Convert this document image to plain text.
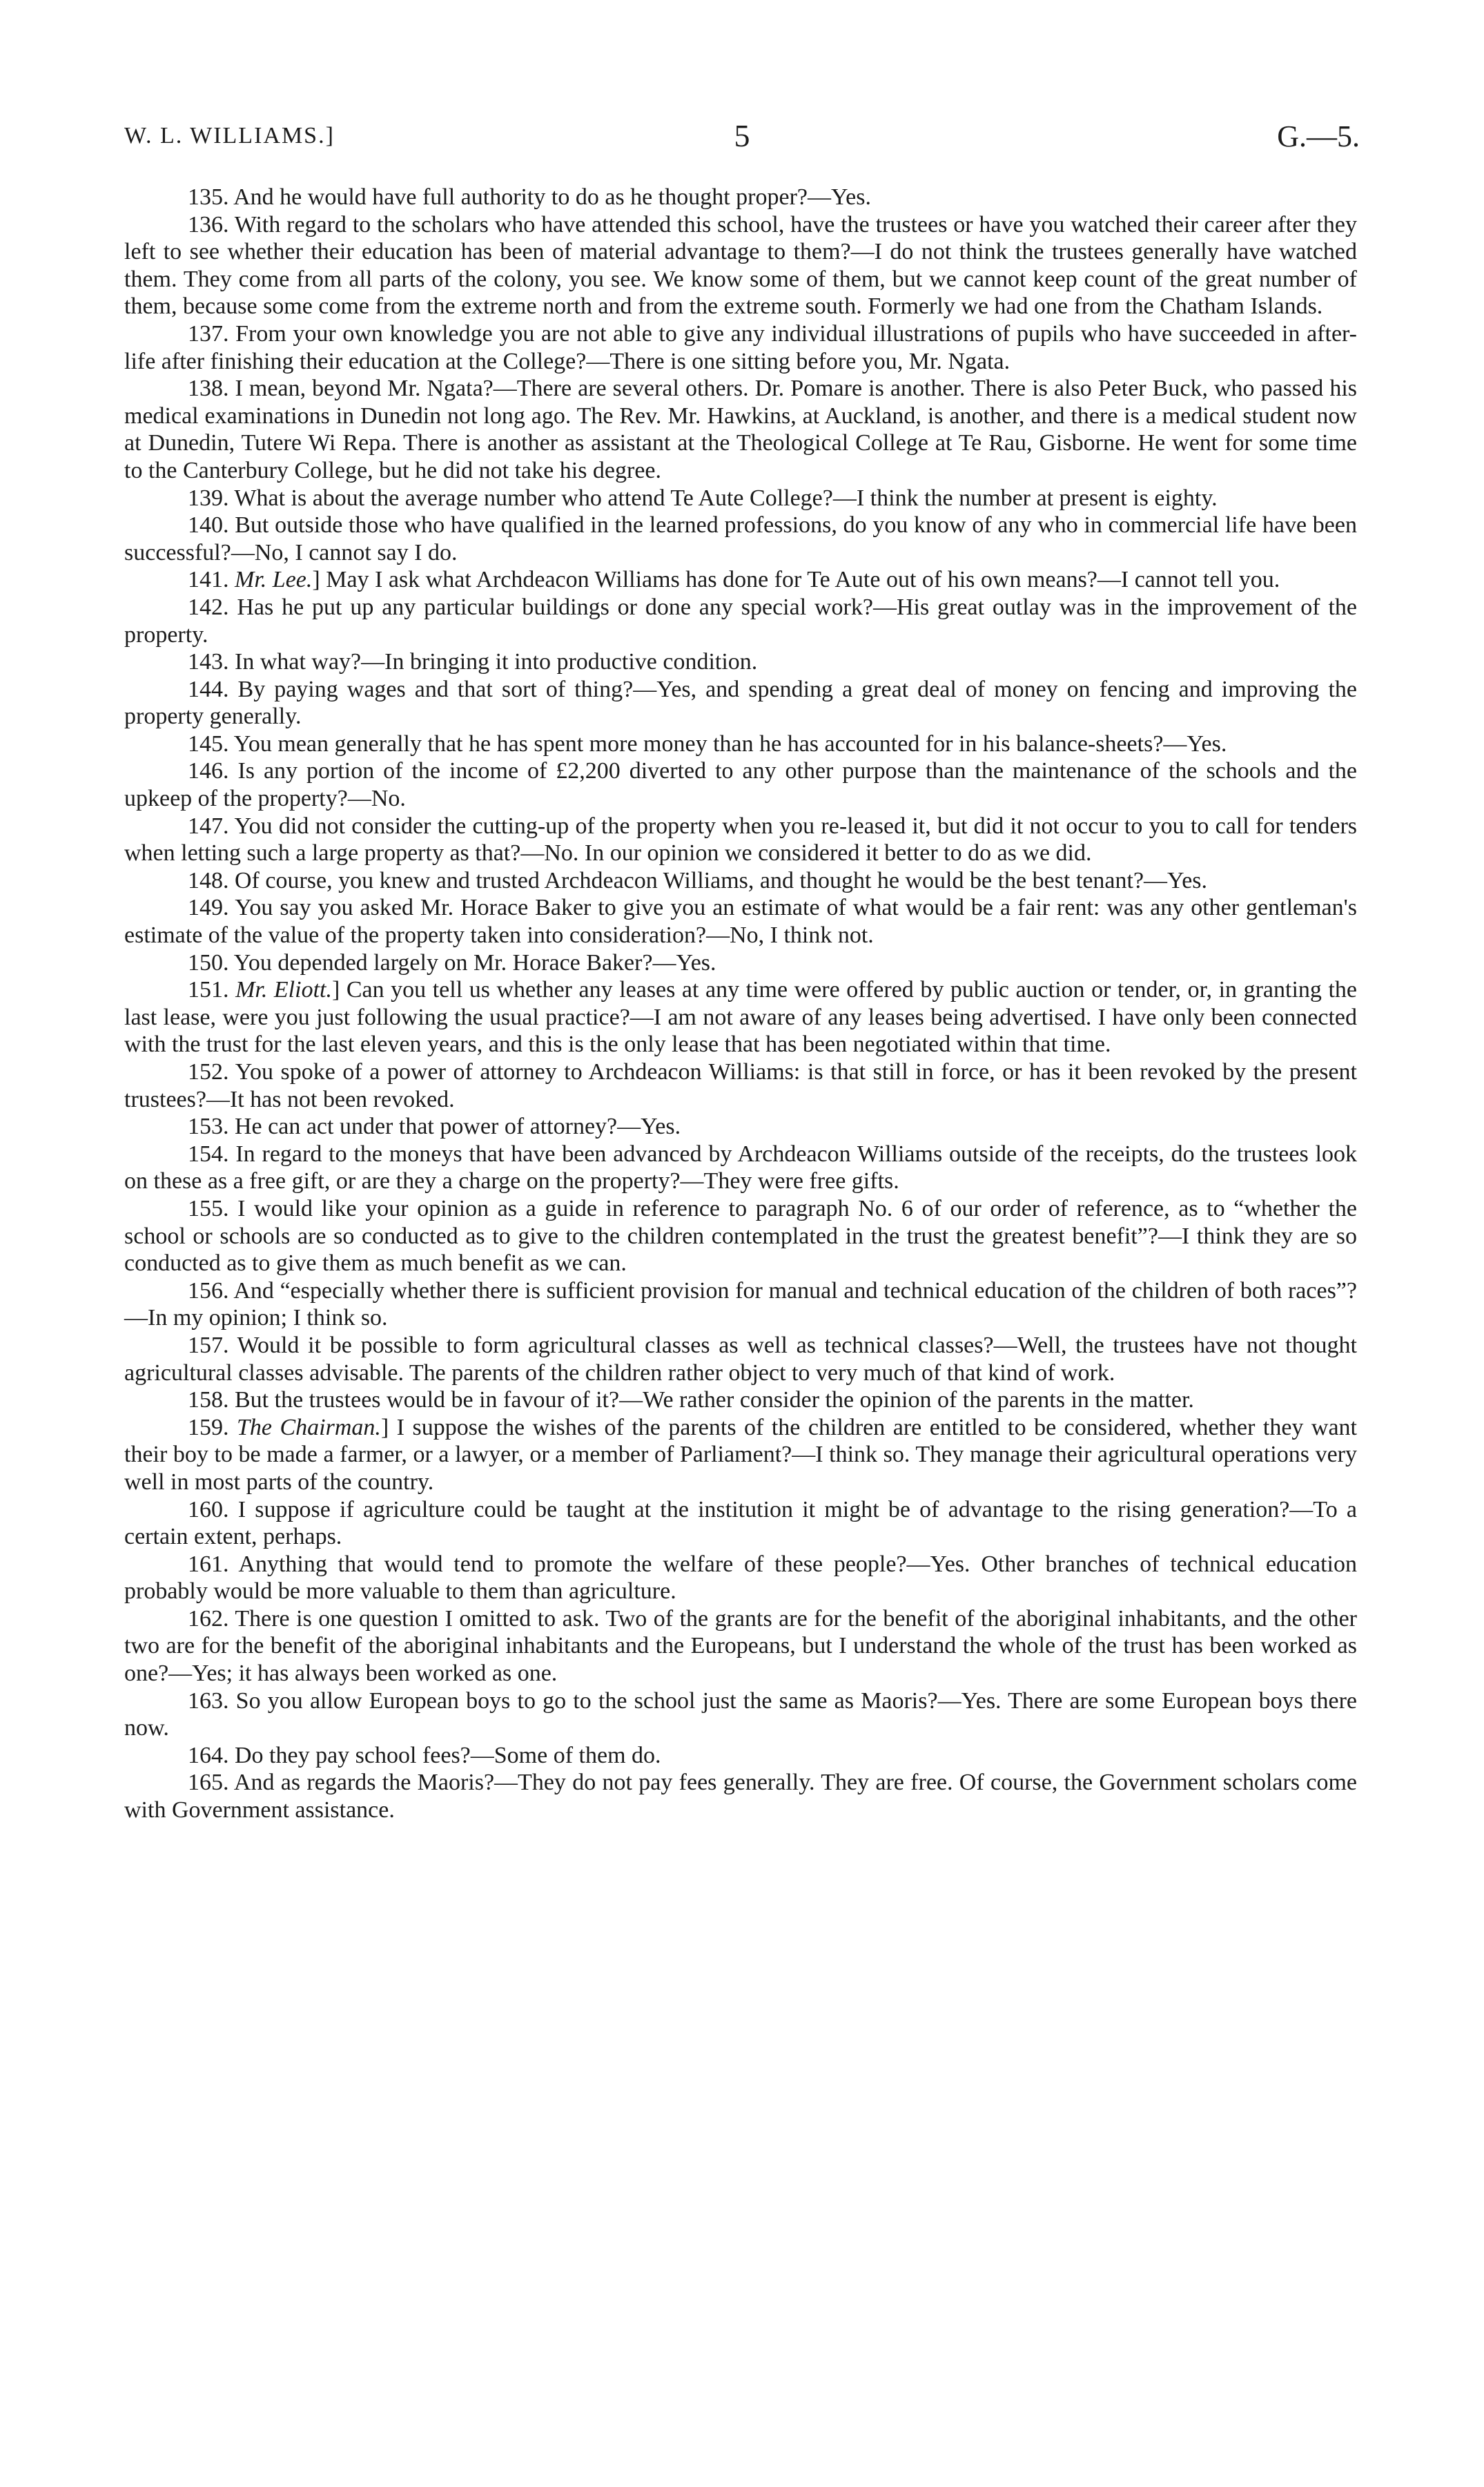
W. L. WILLIAMS.]	5	G.—5.

135. And he would have full authority to do as he thought proper?—Yes.

136. With regard to the scholars who have attended this school, have the trustees or have you watched their career after they left to see whether their education has been of material advantage to them?—I do not think the trustees generally have watched them. They come from all parts of the colony, you see. We know some of them, but we cannot keep count of the great number of them, because some come from the extreme north and from the extreme south. Formerly we had one from the Chatham Islands.

137. From your own knowledge you are not able to give any individual illustrations of pupils who have succeeded in after-life after finishing their education at the College?—There is one sitting before you, Mr. Ngata.

138. I mean, beyond Mr. Ngata?—There are several others. Dr. Pomare is another. There is also Peter Buck, who passed his medical examinations in Dunedin not long ago. The Rev. Mr. Hawkins, at Auckland, is another, and there is a medical student now at Dunedin, Tutere Wi Repa. There is another as assistant at the Theological College at Te Rau, Gisborne. He went for some time to the Canterbury College, but he did not take his degree.

139. What is about the average number who attend Te Aute College?—I think the number at present is eighty.

140. But outside those who have qualified in the learned professions, do you know of any who in commercial life have been successful?—No, I cannot say I do.

141. Mr. Lee.] May I ask what Archdeacon Williams has done for Te Aute out of his own means?—I cannot tell you.

142. Has he put up any particular buildings or done any special work?—His great outlay was in the improvement of the property.

143. In what way?—In bringing it into productive condition.

144. By paying wages and that sort of thing?—Yes, and spending a great deal of money on fencing and improving the property generally.

145. You mean generally that he has spent more money than he has accounted for in his balance-sheets?—Yes.

146. Is any portion of the income of £2,200 diverted to any other purpose than the maintenance of the schools and the upkeep of the property?—No.

147. You did not consider the cutting-up of the property when you re-leased it, but did it not occur to you to call for tenders when letting such a large property as that?—No. In our opinion we considered it better to do as we did.

148. Of course, you knew and trusted Archdeacon Williams, and thought he would be the best tenant?—Yes.

149. You say you asked Mr. Horace Baker to give you an estimate of what would be a fair rent: was any other gentleman's estimate of the value of the property taken into consideration?—No, I think not.

150. You depended largely on Mr. Horace Baker?—Yes.

151. Mr. Eliott.] Can you tell us whether any leases at any time were offered by public auction or tender, or, in granting the last lease, were you just following the usual practice?—I am not aware of any leases being advertised. I have only been connected with the trust for the last eleven years, and this is the only lease that has been negotiated within that time.

152. You spoke of a power of attorney to Archdeacon Williams: is that still in force, or has it been revoked by the present trustees?—It has not been revoked.

153. He can act under that power of attorney?—Yes.

154. In regard to the moneys that have been advanced by Archdeacon Williams outside of the receipts, do the trustees look on these as a free gift, or are they a charge on the property?—They were free gifts.

155. I would like your opinion as a guide in reference to paragraph No. 6 of our order of reference, as to “whether the school or schools are so conducted as to give to the children contemplated in the trust the greatest benefit”?—I think they are so conducted as to give them as much benefit as we can.

156. And “especially whether there is sufficient provision for manual and technical education of the children of both races”?—In my opinion; I think so.

157. Would it be possible to form agricultural classes as well as technical classes?—Well, the trustees have not thought agricultural classes advisable. The parents of the children rather object to very much of that kind of work.

158. But the trustees would be in favour of it?—We rather consider the opinion of the parents in the matter.

159. The Chairman.] I suppose the wishes of the parents of the children are entitled to be considered, whether they want their boy to be made a farmer, or a lawyer, or a member of Parliament?—I think so. They manage their agricultural operations very well in most parts of the country.

160. I suppose if agriculture could be taught at the institution it might be of advantage to the rising generation?—To a certain extent, perhaps.

161. Anything that would tend to promote the welfare of these people?—Yes. Other branches of technical education probably would be more valuable to them than agriculture.

162. There is one question I omitted to ask. Two of the grants are for the benefit of the aboriginal inhabitants, and the other two are for the benefit of the aboriginal inhabitants and the Europeans, but I understand the whole of the trust has been worked as one?—Yes; it has always been worked as one.

163. So you allow European boys to go to the school just the same as Maoris?—Yes. There are some European boys there now.

164. Do they pay school fees?—Some of them do.

165. And as regards the Maoris?—They do not pay fees generally. They are free. Of course, the Government scholars come with Government assistance.
